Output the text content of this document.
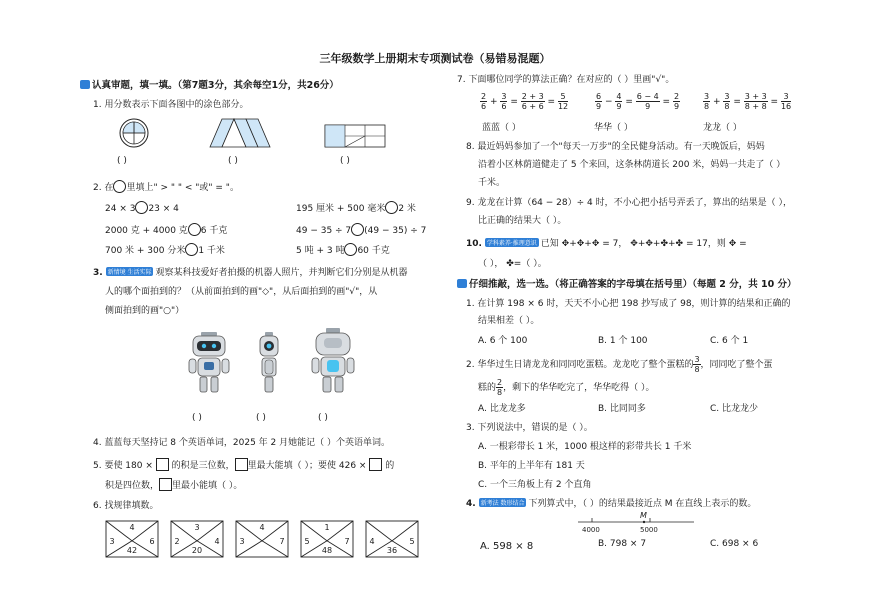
三年级数学上册期末专项测试卷（易错易混题）
认真审题，填一填。（第7题3分，其余每空1分，共26分）
1. 用分数表示下面各图中的涂色部分。
( )	( )	( )
2. 在 里填上" > " " < "或" = "。
24 × 3 23 × 4	195 厘米 + 500 毫米 2 米
2000 克 + 4000 克 6 千克	49 − 35 ÷ 7 (49 − 35) ÷ 7
700 米 + 300 分米 1 千米	5 吨 + 3 吨 60 千克
3. 新情境 生活实际 观察某科技爱好者拍摄的机器人照片，并判断它们分别是从机器
人的哪个面拍到的？（从前面拍到的画"◇"，从后面拍到的画"√"，从
侧面拍到的画"○"）
( )	( )	( )
4. 蓝蓝每天坚持记 8 个英语单词，2025 年 2 月她能记（ ）个英语单词。
5. 要使 180 × 的积是三位数， 里最大能填（ ）；要使 426 × 的
积是四位数， 里最小能填（ ）。
6. 找规律填数。
4
3	6
42
3
2	4
20
4
3	7
1
5	7
48
4	5
36
7. 下面哪位同学的算法正确？在对应的（ ）里画"√"。
$\frac{2}{6} + \frac{3}{6} = \frac{2 + 3}{6 + 6} = \frac{5}{12}$	$\frac{6}{9} - \frac{4}{9} = \frac{6 - 4}{9} = \frac{2}{9}$	$\frac{3}{8} + \frac{3}{8} = \frac{3 + 3}{8 + 8} = \frac{3}{16}$
蓝蓝（ ）	华华（ ）	龙龙（ ）
8. 最近妈妈参加了一个"每天一万步"的全民健身活动。有一天晚饭后，妈妈
沿着小区林荫道健走了 5 个来回，这条林荫道长 200 米，妈妈一共走了（ ）
千米。
9. 龙龙在计算（64 − 28）÷ 4 时，不小心把小括号弄丢了，算出的结果是（ ），
比正确的结果大（ ）。
10. 学科素养·推理意识 已知 ✥+✥+✥ = 7， ✥+✥+✤+✤ = 17，则 ✥ =
（ ）， ✤=（ ）。
仔细推敲，选一选。（将正确答案的字母填在括号里）（每题 2 分，共 10 分）
1. 在计算 198 × 6 时，天天不小心把 198 抄写成了 98，则计算的结果和正确的
结果相差（ ）。
A. 6 个 100	B. 1 个 100	C. 6 个 1
2. 华华过生日请龙龙和同同吃蛋糕。龙龙吃了整个蛋糕的 $\frac{3}{8}$ ，同同吃了整个蛋
糕的 $\frac{2}{8}$ ，剩下的华华吃完了，华华吃得（ ）。
A. 比龙龙多	B. 比同同多	C. 比龙龙少
3. 下列说法中，错误的是（ ）。
A. 一根彩带长 1 米，1000 根这样的彩带共长 1 千米
B. 平年的上半年有 181 天
C. 一个三角板上有 2 个直角
4. 新考法 数形结合 下列算式中，（ ）的结果最接近点 M 在直线上表示的数。
M
4000	5000
A. 598 × 8	B. 798 × 7	C. 698 × 6
